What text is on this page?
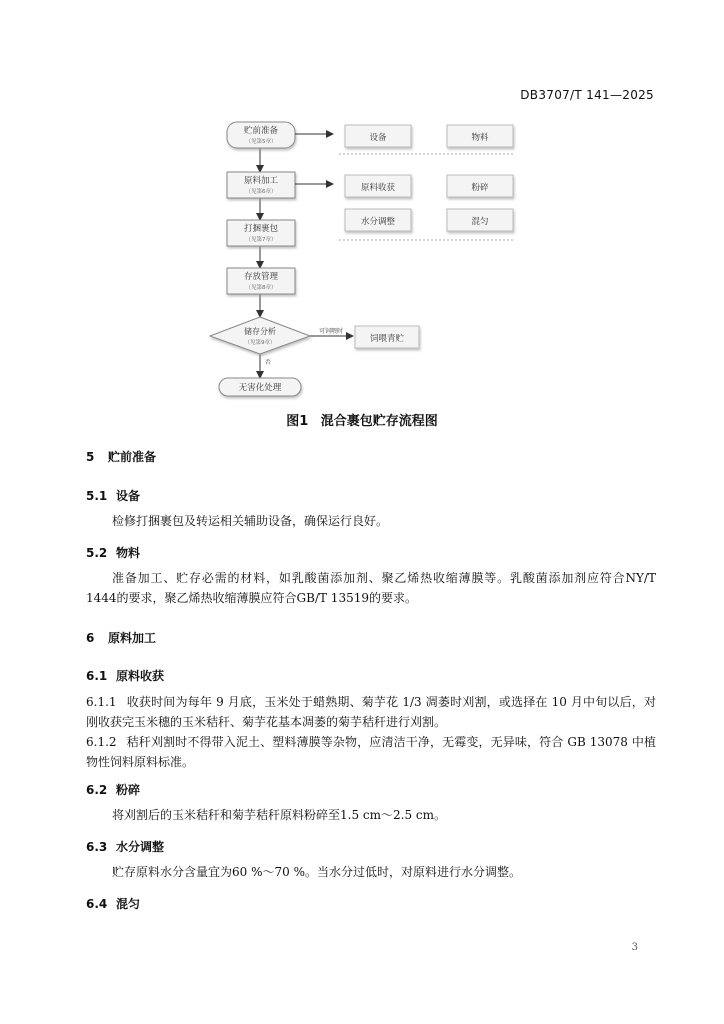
DB3707/T 141—2025
贮前准备
（见第5章）
原料加工
（见第6章）
打捆裹包
（见第7章）
存放管理
（见第8章）
储存分析
（见第9章）
无害化处理
否
可饲喂时
设备	物料
原料收获	粉碎
水分调整	混匀
饲喂青贮
图1 混合裹包贮存流程图
5 贮前准备
5.1 设备
检修打捆裹包及转运相关辅助设备，确保运行良好。
5.2 物料
准备加工、贮存必需的材料，如乳酸菌添加剂、聚乙烯热收缩薄膜等。乳酸菌添加剂应符合NY/T 1444的要求，聚乙烯热收缩薄膜应符合GB/T 13519的要求。
6 原料加工
6.1 原料收获
6.1.1 收获时间为每年 9 月底，玉米处于蜡熟期、菊芋花 1/3 凋萎时刈割，或选择在 10 月中旬以后，对刚收获完玉米穗的玉米秸秆、菊芋花基本凋萎的菊芋秸秆进行刈割。
6.1.2 秸秆刈割时不得带入泥土、塑料薄膜等杂物，应清洁干净，无霉变，无异味，符合 GB 13078 中植物性饲料原料标准。
6.2 粉碎
将刈割后的玉米秸秆和菊芋秸秆原料粉碎至1.5 cm～2.5 cm。
6.3 水分调整
贮存原料水分含量宜为60 %～70 %。当水分过低时，对原料进行水分调整。
6.4 混匀
3
